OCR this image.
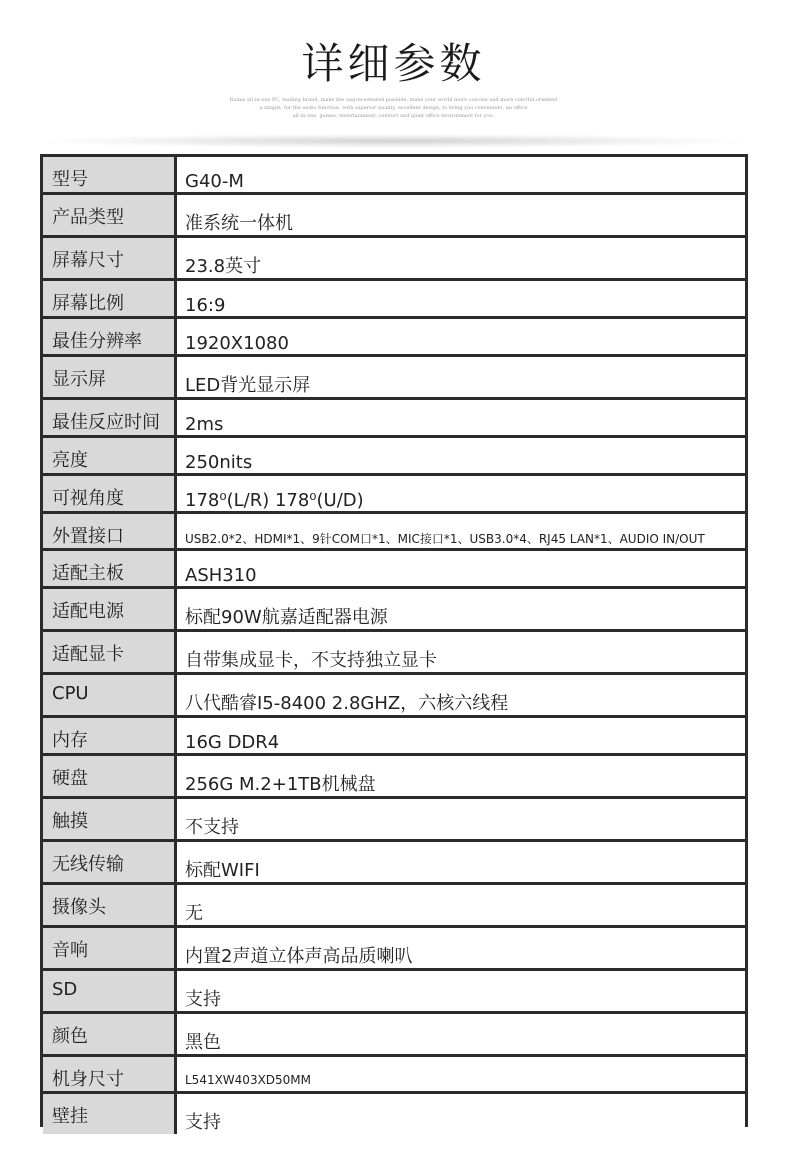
详细参数
Radas all-in-one PC, leading brand, make the unprecedented possible, make your world more concise and more colorful,oriented
a simple, for the audio function, with superior quality, excellent design, to bring you convenient, an office
all-in-one, games, entertainment, comfort and quiet office environment for you.
型号	G40-M
产品类型	准系统一体机
屏幕尺寸	23.8英寸
屏幕比例	16:9
最佳分辨率	1920X1080
显示屏	LED背光显示屏
最佳反应时间	2ms
亮度	250nits
可视角度	178⁰(L/R) 178⁰(U/D)
外置接口	USB2.0*2、HDMI*1、9针COM口*1、MIC接口*1、USB3.0*4、RJ45 LAN*1、AUDIO IN/OUT
适配主板	ASH310
适配电源	标配90W航嘉适配器电源
适配显卡	自带集成显卡，不支持独立显卡
CPU	八代酷睿I5-8400 2.8GHZ，六核六线程
内存	16G DDR4
硬盘	256G M.2+1TB机械盘
触摸	不支持
无线传输	标配WIFI
摄像头	无
音响	内置2声道立体声高品质喇叭
SD	支持
颜色	黑色
机身尺寸	L541XW403XD50MM
壁挂	支持
